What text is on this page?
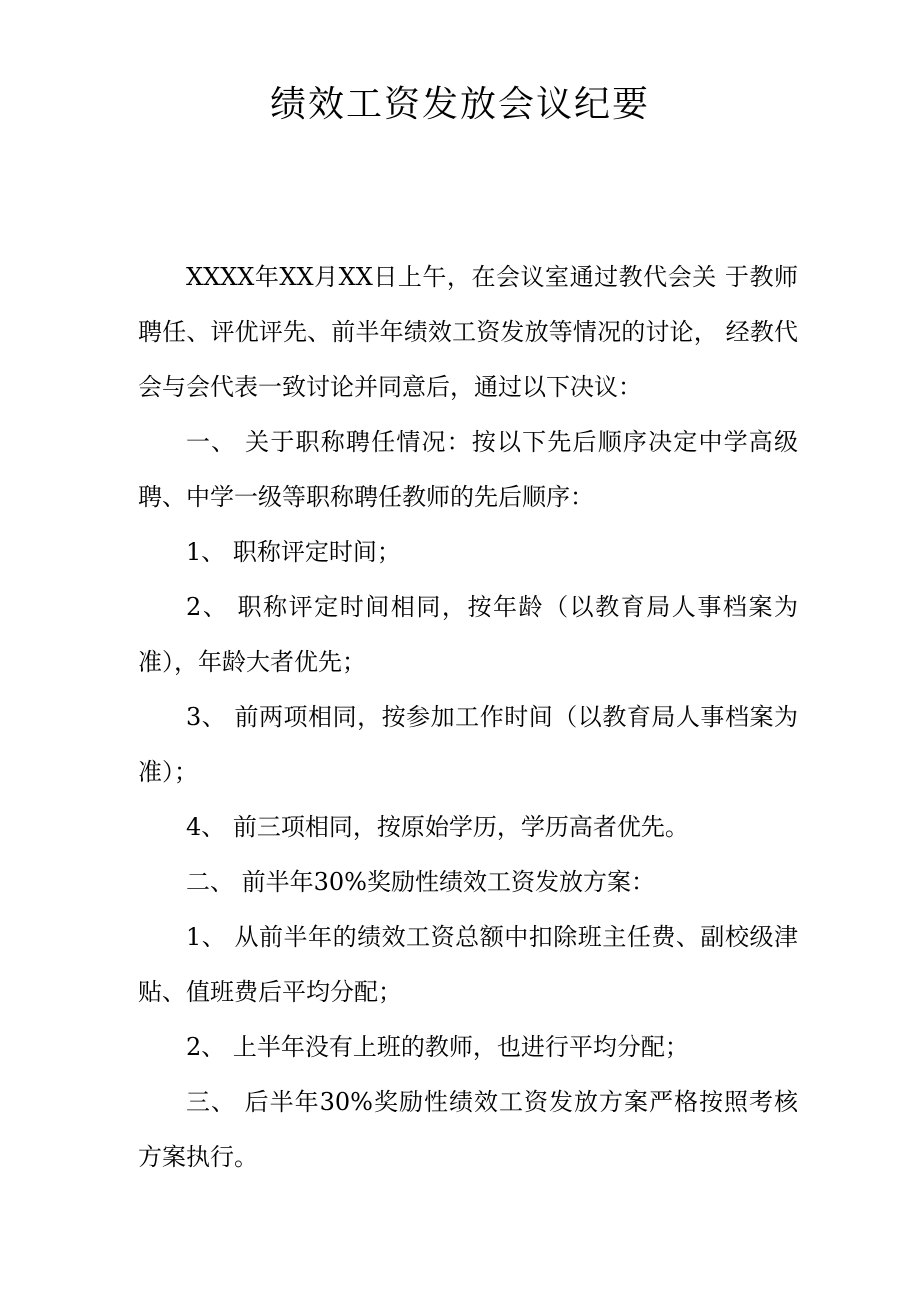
绩效工资发放会议纪要

XXXX年XX月XX日上午，在会议室通过教代会关 于教师聘任、评优评先、前半年绩效工资发放等情况的讨论， 经教代会与会代表一致讨论并同意后，通过以下决议：

一、 关于职称聘任情况：按以下先后顺序决定中学高级聘、中学一级等职称聘任教师的先后顺序：

1、 职称评定时间；

2、 职称评定时间相同，按年龄（以教育局人事档案为准），年龄大者优先；

3、 前两项相同，按参加工作时间（以教育局人事档案为 准）；

4、 前三项相同，按原始学历，学历高者优先。

二、 前半年30%奖励性绩效工资发放方案：

1、 从前半年的绩效工资总额中扣除班主任费、副校级津贴、值班费后平均分配；

2、 上半年没有上班的教师，也进行平均分配；

三、 后半年30%奖励性绩效工资发放方案严格按照考核方案执行。
